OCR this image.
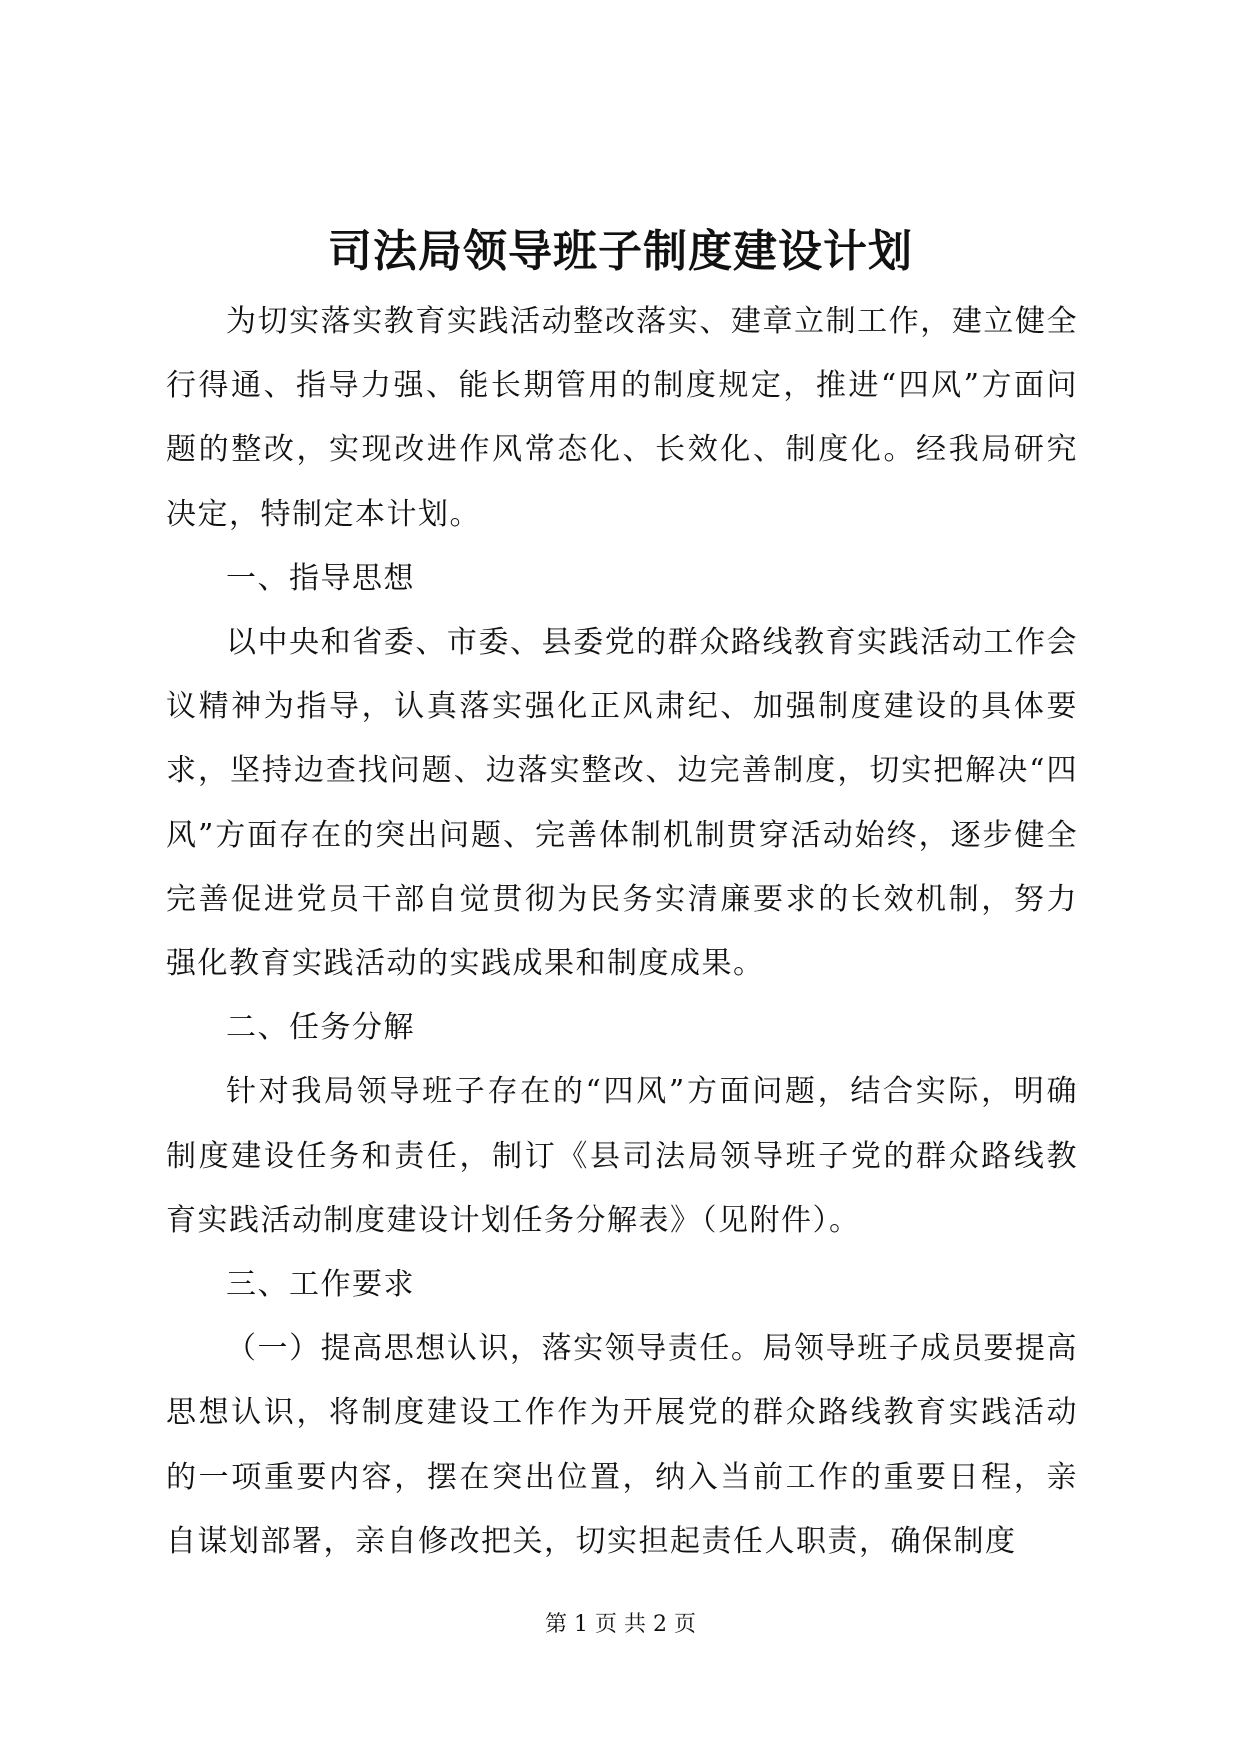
司法局领导班子制度建设计划

为切实落实教育实践活动整改落实、建章立制工作，建立健全行得通、指导力强、能长期管用的制度规定，推进“四风”方面问题的整改，实现改进作风常态化、长效化、制度化。经我局研究决定，特制定本计划。

一、指导思想

以中央和省委、市委、县委党的群众路线教育实践活动工作会议精神为指导，认真落实强化正风肃纪、加强制度建设的具体要求，坚持边查找问题、边落实整改、边完善制度，切实把解决“四风”方面存在的突出问题、完善体制机制贯穿活动始终，逐步健全完善促进党员干部自觉贯彻为民务实清廉要求的长效机制，努力强化教育实践活动的实践成果和制度成果。

二、任务分解

针对我局领导班子存在的“四风”方面问题，结合实际，明确制度建设任务和责任，制订《县司法局领导班子党的群众路线教育实践活动制度建设计划任务分解表》（见附件）。

三、工作要求

（一）提高思想认识，落实领导责任。局领导班子成员要提高思想认识，将制度建设工作作为开展党的群众路线教育实践活动的一项重要内容，摆在突出位置，纳入当前工作的重要日程，亲自谋划部署，亲自修改把关，切实担起责任人职责，确保制度

第 1 页 共 2 页
